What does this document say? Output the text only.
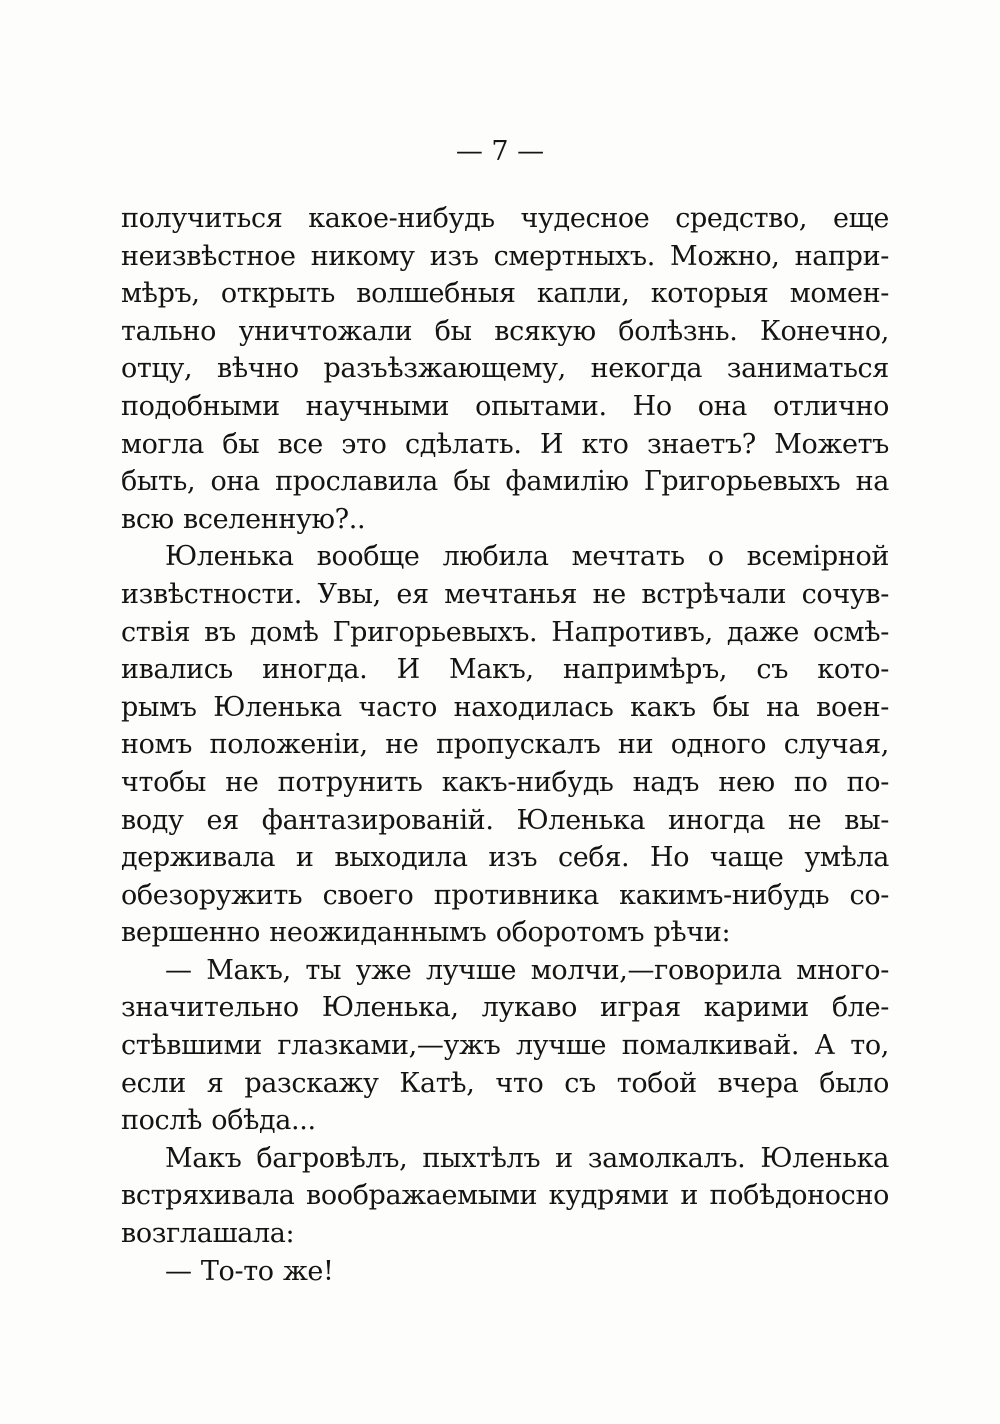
— 7 —
получиться какое-нибудь чудесное средство, еще
неизвѣстное никому изъ смертныхъ. Можно, напри-
мѣръ, открыть волшебныя капли, которыя момен-
тально уничтожали бы всякую болѣзнь. Конечно,
отцу, вѣчно разъѣзжающему, некогда заниматься
подобными научными опытами. Но она отлично
могла бы все это сдѣлать. И кто знаетъ? Можетъ
быть, она прославила бы фамилію Григорьевыхъ на
всю вселенную?..
Юленька вообще любила мечтать о всемірной
извѣстности. Увы, ея мечтанья не встрѣчали сочув-
ствія въ домѣ Григорьевыхъ. Напротивъ, даже осмѣ-
ивались иногда. И Макъ, напримѣръ, съ кото-
рымъ Юленька часто находилась какъ бы на воен-
номъ положеніи, не пропускалъ ни одного случая,
чтобы не потрунить какъ-нибудь надъ нею по по-
воду ея фантазированій. Юленька иногда не вы-
держивала и выходила изъ себя. Но чаще умѣла
обезоружить своего противника какимъ-нибудь со-
вершенно неожиданнымъ оборотомъ рѣчи:
— Макъ, ты уже лучше молчи,—говорила много-
значительно Юленька, лукаво играя карими бле-
стѣвшими глазками,—ужъ лучше помалкивай. А то,
если я разскажу Катѣ, что съ тобой вчера было
послѣ обѣда...
Макъ багровѣлъ, пыхтѣлъ и замолкалъ. Юленька
встряхивала воображаемыми кудрями и побѣдоносно
возглашала:
— То-то же!
